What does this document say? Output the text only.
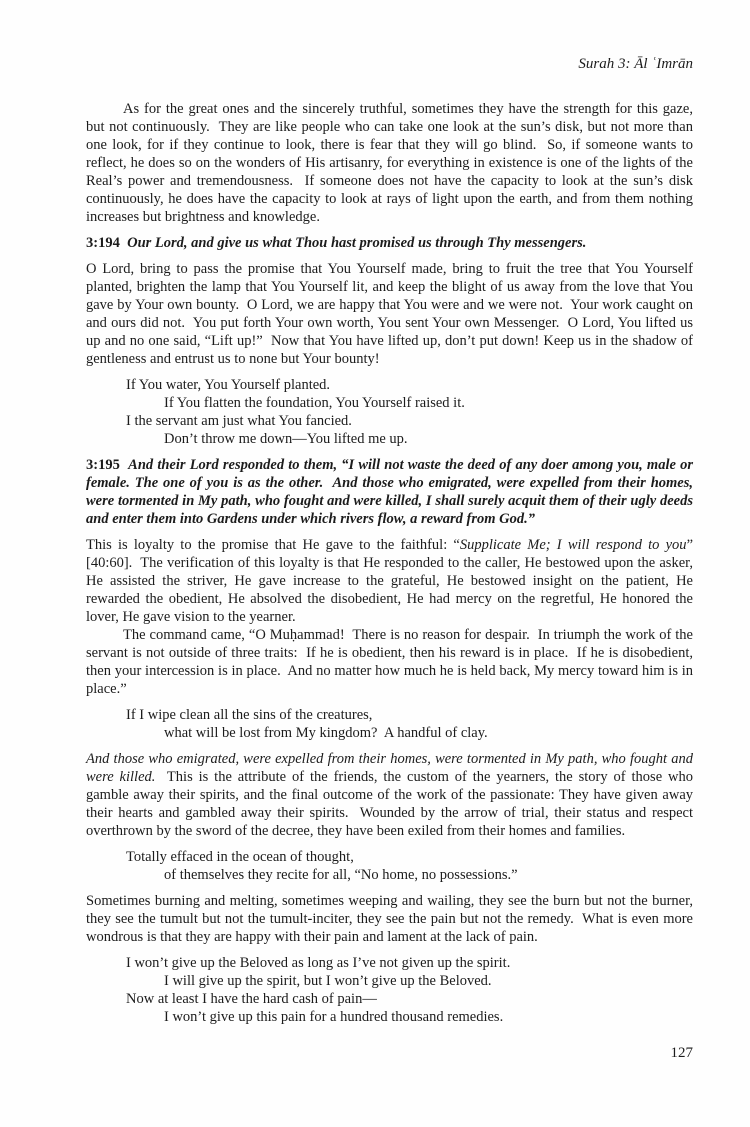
Surah 3: Āl ʿImrān

As for the great ones and the sincerely truthful, sometimes they have the strength for this gaze, but not continuously.  They are like people who can take one look at the sun’s disk, but not more than one look, for if they continue to look, there is fear that they will go blind.  So, if someone wants to reflect, he does so on the wonders of His artisanry, for everything in existence is one of the lights of the Real’s power and tremendousness.  If someone does not have the capacity to look at the sun’s disk continuously, he does have the capacity to look at rays of light upon the earth, and from them nothing increases but brightness and knowledge.

3:194  Our Lord, and give us what Thou hast promised us through Thy messengers.

O Lord, bring to pass the promise that You Yourself made, bring to fruit the tree that You Yourself planted, brighten the lamp that You Yourself lit, and keep the blight of us away from the love that You gave by Your own bounty.  O Lord, we are happy that You were and we were not.  Your work caught on and ours did not.  You put forth Your own worth, You sent Your own Messenger.  O Lord, You lifted us up and no one said, “Lift up!”  Now that You have lifted up, don’t put down! Keep us in the shadow of gentleness and entrust us to none but Your bounty!

If You water, You Yourself planted.
If You flatten the foundation, You Yourself raised it.
I the servant am just what You fancied.
Don’t throw me down—You lifted me up.

3:195  And their Lord responded to them, “I will not waste the deed of any doer among you, male or female. The one of you is as the other.  And those who emigrated, were expelled from their homes, were tormented in My path, who fought and were killed, I shall surely acquit them of their ugly deeds and enter them into Gardens under which rivers flow, a reward from God.”

This is loyalty to the promise that He gave to the faithful: “Supplicate Me; I will respond to you” [40:60].  The verification of this loyalty is that He responded to the caller, He bestowed upon the asker, He assisted the striver, He gave increase to the grateful, He bestowed insight on the patient, He rewarded the obedient, He absolved the disobedient, He had mercy on the regretful, He honored the lover, He gave vision to the yearner.

The command came, “O Muḥammad!  There is no reason for despair.  In triumph the work of the servant is not outside of three traits:  If he is obedient, then his reward is in place.  If he is disobedient, then your intercession is in place.  And no matter how much he is held back, My mercy toward him is in place.”

If I wipe clean all the sins of the creatures,
what will be lost from My kingdom?  A handful of clay.

And those who emigrated, were expelled from their homes, were tormented in My path, who fought and were killed.  This is the attribute of the friends, the custom of the yearners, the story of those who gamble away their spirits, and the final outcome of the work of the passionate: They have given away their hearts and gambled away their spirits.  Wounded by the arrow of trial, their status and respect overthrown by the sword of the decree, they have been exiled from their homes and families.

Totally effaced in the ocean of thought,
of themselves they recite for all, “No home, no possessions.”

Sometimes burning and melting, sometimes weeping and wailing, they see the burn but not the burner, they see the tumult but not the tumult-inciter, they see the pain but not the remedy.  What is even more wondrous is that they are happy with their pain and lament at the lack of pain.

I won’t give up the Beloved as long as I’ve not given up the spirit.
I will give up the spirit, but I won’t give up the Beloved.
Now at least I have the hard cash of pain—
I won’t give up this pain for a hundred thousand remedies.
127
